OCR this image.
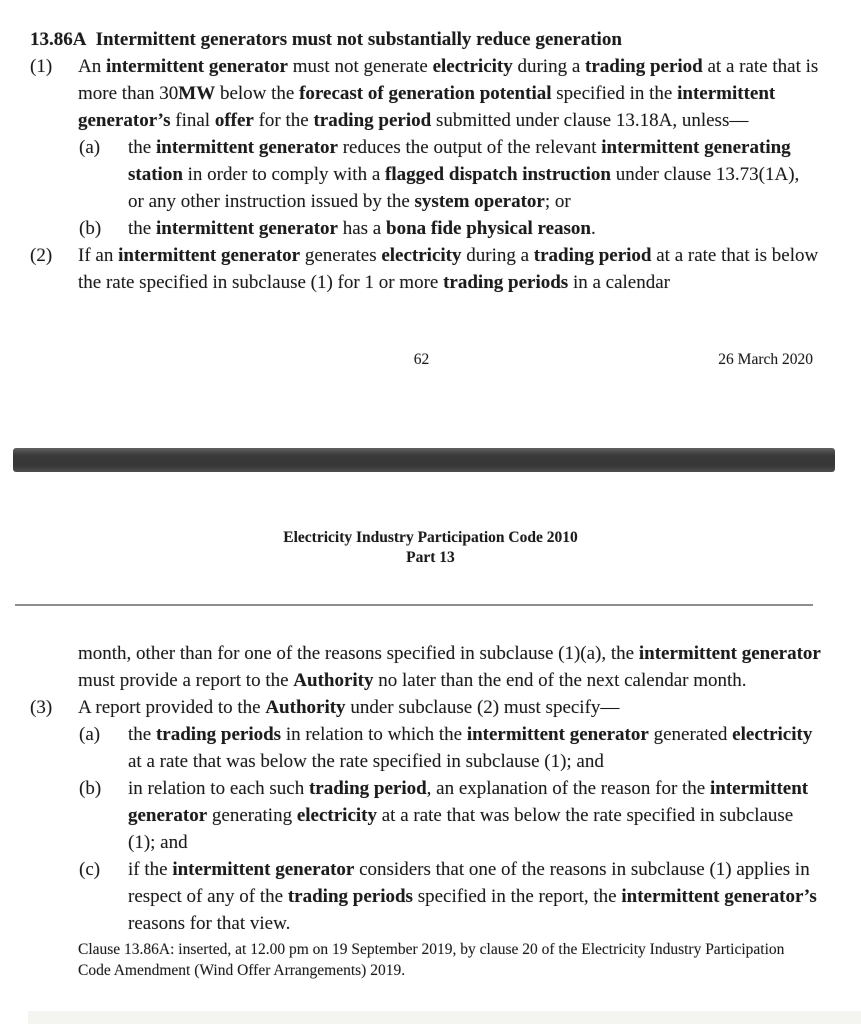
13.86A Intermittent generators must not substantially reduce generation
(1)	An intermittent generator must not generate electricity during a trading period at a rate that is more than 30MW below the forecast of generation potential specified in the intermittent generator’s final offer for the trading period submitted under clause 13.18A, unless—
(a)	the intermittent generator reduces the output of the relevant intermittent generating station in order to comply with a flagged dispatch instruction under clause 13.73(1A), or any other instruction issued by the system operator; or
(b)	the intermittent generator has a bona fide physical reason.
(2)	If an intermittent generator generates electricity during a trading period at a rate that is below the rate specified in subclause (1) for 1 or more trading periods in a calendar
62	26 March 2020
Electricity Industry Participation Code 2010
Part 13
month, other than for one of the reasons specified in subclause (1)(a), the intermittent generator must provide a report to the Authority no later than the end of the next calendar month.
(3)	A report provided to the Authority under subclause (2) must specify—
(a)	the trading periods in relation to which the intermittent generator generated electricity at a rate that was below the rate specified in subclause (1); and
(b)	in relation to each such trading period, an explanation of the reason for the intermittent generator generating electricity at a rate that was below the rate specified in subclause (1); and
(c)	if the intermittent generator considers that one of the reasons in subclause (1) applies in respect of any of the trading periods specified in the report, the intermittent generator’s reasons for that view.
Clause 13.86A: inserted, at 12.00 pm on 19 September 2019, by clause 20 of the Electricity Industry Participation Code Amendment (Wind Offer Arrangements) 2019.
